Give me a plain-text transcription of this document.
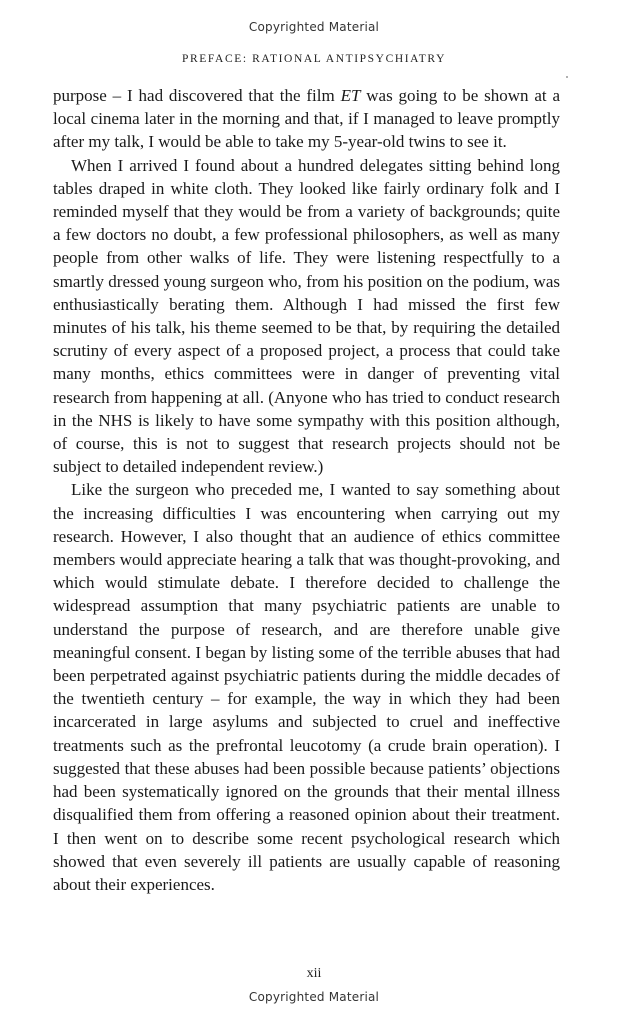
Copyrighted Material
PREFACE: RATIONAL ANTIPSYCHIATRY

purpose – I had discovered that the film ET was going to be shown at a local cinema later in the morning and that, if I managed to leave promptly after my talk, I would be able to take my 5-year-old twins to see it.

When I arrived I found about a hundred delegates sitting behind long tables draped in white cloth. They looked like fairly ordinary folk and I reminded myself that they would be from a variety of backgrounds; quite a few doctors no doubt, a few professional philosophers, as well as many people from other walks of life. They were listening respectfully to a smartly dressed young surgeon who, from his position on the podium, was enthusiastically berating them. Although I had missed the first few minutes of his talk, his theme seemed to be that, by requiring the detailed scrutiny of every aspect of a proposed project, a process that could take many months, ethics committees were in danger of preventing vital research from happening at all. (Anyone who has tried to conduct research in the NHS is likely to have some sympathy with this position although, of course, this is not to suggest that research projects should not be subject to detailed independent review.)

Like the surgeon who preceded me, I wanted to say something about the increasing difficulties I was encountering when carrying out my research. However, I also thought that an audience of ethics committee members would appreciate hearing a talk that was thought-provoking, and which would stimulate debate. I therefore decided to challenge the widespread assumption that many psychiatric patients are unable to understand the purpose of research, and are therefore unable give meaningful consent. I began by listing some of the terrible abuses that had been perpetrated against psychiatric patients during the middle decades of the twentieth century – for example, the way in which they had been incarcerated in large asylums and subjected to cruel and ineffective treatments such as the prefrontal leucotomy (a crude brain operation). I suggested that these abuses had been possible because patients’ objections had been systematically ignored on the grounds that their mental illness disqualified them from offering a reasoned opinion about their treatment. I then went on to describe some recent psychological research which showed that even severely ill patients are usually capable of reasoning about their experiences.

xii
Copyrighted Material
